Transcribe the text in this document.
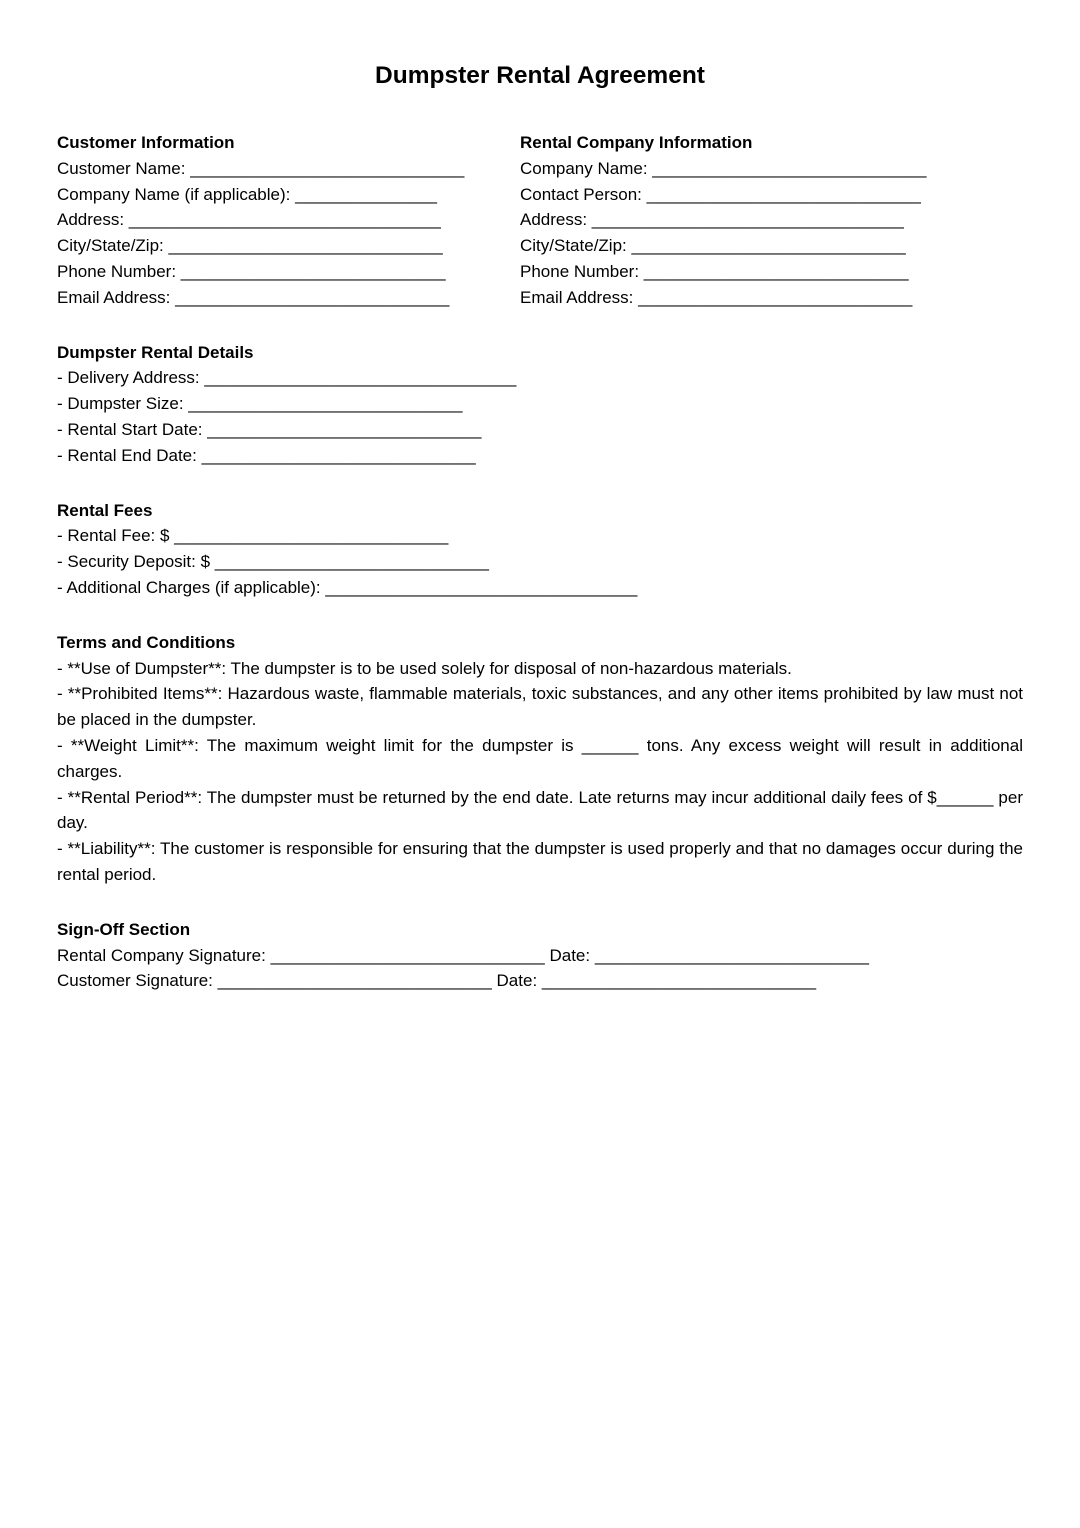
Dumpster Rental Agreement
Customer Information
Customer Name: _____________________________
Company Name (if applicable): _______________
Address: _________________________________
City/State/Zip: _____________________________
Phone Number: ____________________________
Email Address: _____________________________
Rental Company Information
Company Name: _____________________________
Contact Person: _____________________________
Address: _________________________________
City/State/Zip: _____________________________
Phone Number: ____________________________
Email Address: _____________________________
Dumpster Rental Details
- Delivery Address: _________________________________
- Dumpster Size: _____________________________
- Rental Start Date: _____________________________
- Rental End Date: _____________________________
Rental Fees
- Rental Fee: $ _____________________________
- Security Deposit: $ _____________________________
- Additional Charges (if applicable): _________________________________
Terms and Conditions
- **Use of Dumpster**: The dumpster is to be used solely for disposal of non-hazardous materials.
- **Prohibited Items**: Hazardous waste, flammable materials, toxic substances, and any other items prohibited by law must not be placed in the dumpster.
- **Weight Limit**: The maximum weight limit for the dumpster is ______ tons. Any excess weight will result in additional charges.
- **Rental Period**: The dumpster must be returned by the end date. Late returns may incur additional daily fees of $______ per day.
- **Liability**: The customer is responsible for ensuring that the dumpster is used properly and that no damages occur during the rental period.
Sign-Off Section
Rental Company Signature: _____________________________ Date: _____________________________
Customer Signature: _____________________________ Date: _____________________________
